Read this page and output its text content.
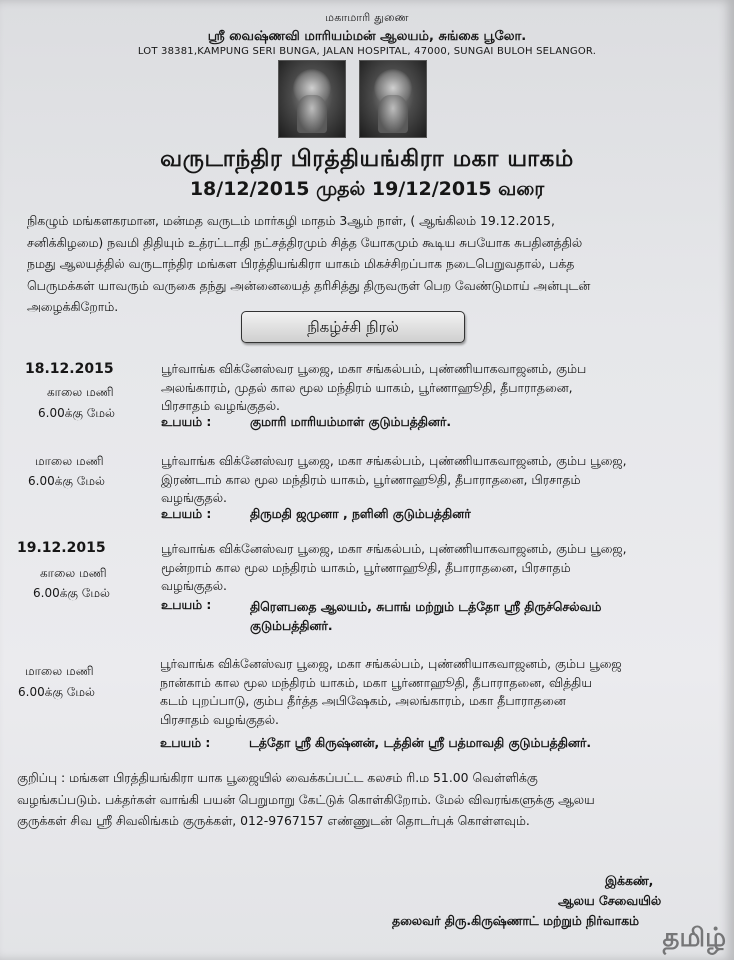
மகாமாரி துணை
ஸ்ரீ வைஷ்ணவி மாரியம்மன் ஆலயம், சுங்கை பூலோ.
LOT 38381,KAMPUNG SERI BUNGA, JALAN HOSPITAL, 47000, SUNGAI BULOH SELANGOR.
வருடாந்திர பிரத்தியங்கிரா மகா யாகம்
18/12/2015 முதல் 19/12/2015 வரை
நிகழும் மங்களகரமான, மன்மத வருடம் மார்கழி மாதம் 3ஆம் நாள், ( ஆங்கிலம் 19.12.2015,
சனிக்கிழமை) நவமி திதியும் உத்ரட்டாதி நட்சத்திரமும் சித்த யோகமும் கூடிய சுபயோக சுபதினத்தில்
நமது ஆலயத்தில் வருடாந்திர மங்கள பிரத்தியங்கிரா யாகம் மிகச்சிறப்பாக நடைபெறுவதால், பக்த
பெருமக்கள் யாவரும் வருகை தந்து அன்னையைத் தரிசித்து திருவருள் பெற வேண்டுமாய் அன்புடன்
அழைக்கிறோம்.
நிகழ்ச்சி நிரல்
18.12.2015
காலை மணி
6.00க்கு மேல்
பூர்வாங்க விக்னேஸ்வர பூஜை, மகா சங்கல்பம், புண்ணியாகவாஜனம், கும்ப
அலங்காரம், முதல் கால மூல மந்திரம் யாகம், பூர்ணாஹூதி, தீபாராதனை,
பிரசாதம் வழங்குதல்.
உபயம் :	குமாரி மாரியம்மாள் குடும்பத்தினர்.
மாலை மணி
6.00க்கு மேல்
பூர்வாங்க விக்னேஸ்வர பூஜை, மகா சங்கல்பம், புண்ணியாகவாஜனம், கும்ப பூஜை,
இரண்டாம் கால மூல மந்திரம் யாகம், பூர்ணாஹூதி, தீபாராதனை, பிரசாதம்
வழங்குதல்.
உபயம் :	திருமதி ஜமுனா , நளினி குடும்பத்தினர்
19.12.2015
காலை மணி
6.00க்கு மேல்
பூர்வாங்க விக்னேஸ்வர பூஜை, மகா சங்கல்பம், புண்ணியாகவாஜனம், கும்ப பூஜை,
மூன்றாம் கால மூல மந்திரம் யாகம், பூர்ணாஹூதி, தீபாராதனை, பிரசாதம்
வழங்குதல்.
உபயம் :	திரௌபதை ஆலயம், சுபாங் மற்றும் டத்தோ ஸ்ரீ திருச்செல்வம்
குடும்பத்தினர்.
மாலை மணி
6.00க்கு மேல்
பூர்வாங்க விக்னேஸ்வர பூஜை, மகா சங்கல்பம், புண்ணியாகவாஜனம், கும்ப பூஜை
நான்காம் கால மூல மந்திரம் யாகம், மகா பூர்ணாஹூதி, தீபாராதனை, வித்திய
கடம் புறப்பாடு, கும்ப தீர்த்த அபிஷேகம், அலங்காரம், மகா தீபாராதனை
பிரசாதம் வழங்குதல்.
உபயம் :	டத்தோ ஸ்ரீ கிருஷ்னன், டத்தின் ஸ்ரீ பத்மாவதி குடும்பத்தினர்.
குறிப்பு : மங்கள பிரத்தியங்கிரா யாக பூஜையில் வைக்கப்பட்ட கலசம் ரி.ம 51.00 வெள்ளிக்கு
வழங்கப்படும். பக்தர்கள் வாங்கி பயன் பெறுமாறு கேட்டுக் கொள்கிறோம். மேல் விவரங்களுக்கு ஆலய
குருக்கள் சிவ ஸ்ரீ சிவலிங்கம் குருக்கள், 012-9767157 எண்ணுடன் தொடர்புக் கொள்ளவும்.
இக்கண்,
ஆலய சேவையில்
தலைவர் திரு.கிருஷ்ணாட் மற்றும் நிர்வாகம்
தமிழ்
